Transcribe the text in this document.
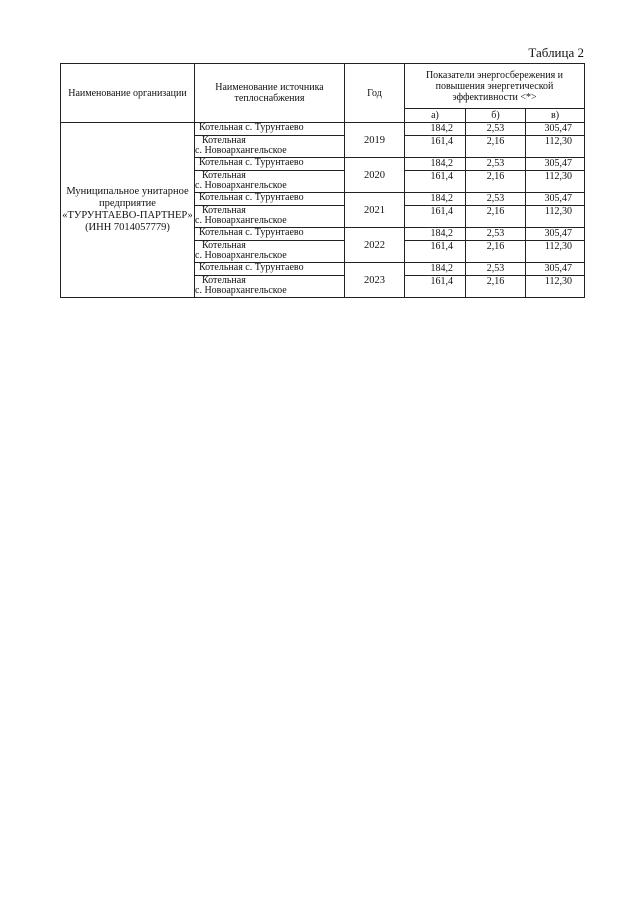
Таблица 2
Наименование организации	Наименование источника теплоснабжения	Год	Показатели энергосбережения и повышения энергетической эффективности <*>		
			а)	б)	в)
Муниципальное унитарное предприятие «ТУРУНТАЕВО-ПАРТНЕР» (ИНН 7014057779)	Котельная с. Турунтаево	2019	184,2	2,53	305,47

	Котельная
с. Новоархангельское		161,4	2,16	112,30
	Котельная с. Турунтаево	2020	184,2	2,53	305,47

	Котельная
с. Новоархангельское		161,4	2,16	112,30
	Котельная с. Турунтаево	2021	184,2	2,53	305,47

	Котельная
с. Новоархангельское		161,4	2,16	112,30
	Котельная с. Турунтаево	2022	184,2	2,53	305,47

	Котельная
с. Новоархангельское		161,4	2,16	112,30
	Котельная с. Турунтаево	2023	184,2	2,53	305,47

	Котельная
с. Новоархангельское		161,4	2,16	112,30
